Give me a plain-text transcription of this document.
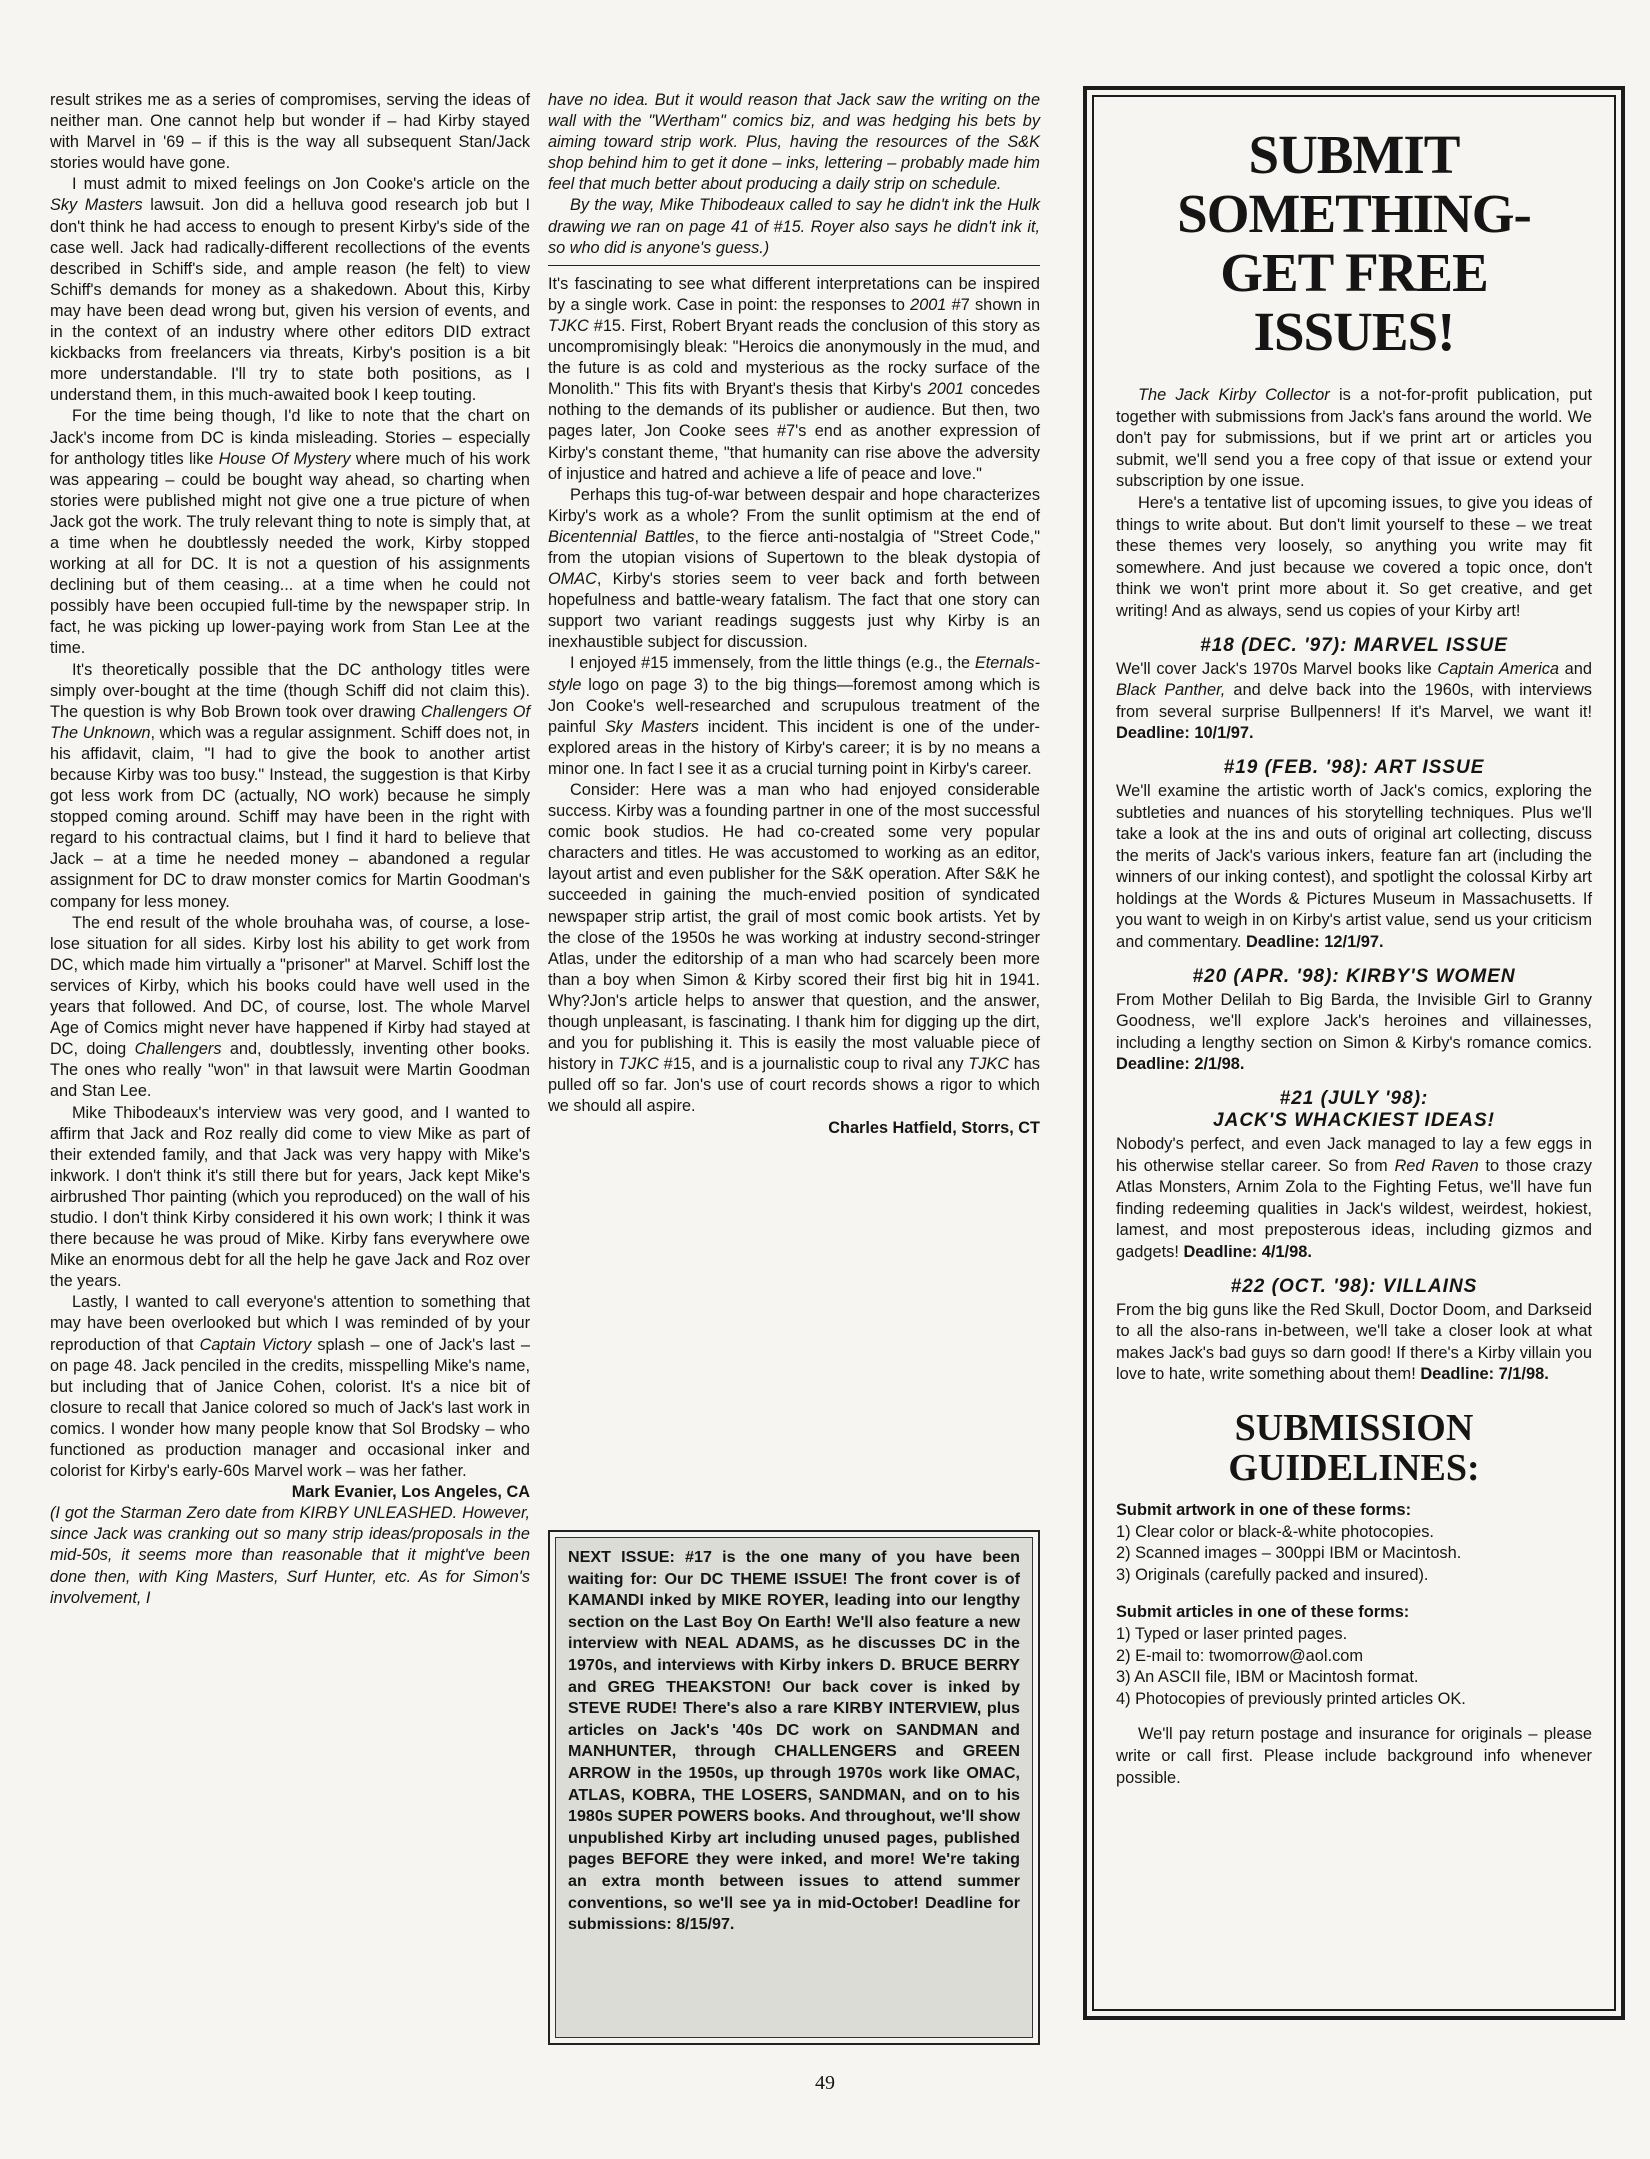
result strikes me as a series of compromises, serving the ideas of neither man. One cannot help but wonder if – had Kirby stayed with Marvel in '69 – if this is the way all subsequent Stan/Jack stories would have gone.

I must admit to mixed feelings on Jon Cooke's article on the Sky Masters lawsuit. Jon did a helluva good research job but I don't think he had access to enough to present Kirby's side of the case well. Jack had radically-different recollections of the events described in Schiff's side, and ample reason (he felt) to view Schiff's demands for money as a shakedown. About this, Kirby may have been dead wrong but, given his version of events, and in the context of an industry where other editors DID extract kickbacks from freelancers via threats, Kirby's position is a bit more understandable. I'll try to state both positions, as I understand them, in this much-awaited book I keep touting.

For the time being though, I'd like to note that the chart on Jack's income from DC is kinda misleading. Stories – especially for anthology titles like House Of Mystery where much of his work was appearing – could be bought way ahead, so charting when stories were published might not give one a true picture of when Jack got the work. The truly relevant thing to note is simply that, at a time when he doubtlessly needed the work, Kirby stopped working at all for DC. It is not a question of his assignments declining but of them ceasing... at a time when he could not possibly have been occupied full-time by the newspaper strip. In fact, he was picking up lower-paying work from Stan Lee at the time.

It's theoretically possible that the DC anthology titles were simply over-bought at the time (though Schiff did not claim this). The question is why Bob Brown took over drawing Challengers Of The Unknown, which was a regular assignment. Schiff does not, in his affidavit, claim, "I had to give the book to another artist because Kirby was too busy." Instead, the suggestion is that Kirby got less work from DC (actually, NO work) because he simply stopped coming around. Schiff may have been in the right with regard to his contractual claims, but I find it hard to believe that Jack – at a time he needed money – abandoned a regular assignment for DC to draw monster comics for Martin Goodman's company for less money.

The end result of the whole brouhaha was, of course, a lose-lose situation for all sides. Kirby lost his ability to get work from DC, which made him virtually a "prisoner" at Marvel. Schiff lost the services of Kirby, which his books could have well used in the years that followed. And DC, of course, lost. The whole Marvel Age of Comics might never have happened if Kirby had stayed at DC, doing Challengers and, doubtlessly, inventing other books. The ones who really "won" in that lawsuit were Martin Goodman and Stan Lee.

Mike Thibodeaux's interview was very good, and I wanted to affirm that Jack and Roz really did come to view Mike as part of their extended family, and that Jack was very happy with Mike's inkwork. I don't think it's still there but for years, Jack kept Mike's airbrushed Thor painting (which you reproduced) on the wall of his studio. I don't think Kirby considered it his own work; I think it was there because he was proud of Mike. Kirby fans everywhere owe Mike an enormous debt for all the help he gave Jack and Roz over the years.

Lastly, I wanted to call everyone's attention to something that may have been overlooked but which I was reminded of by your reproduction of that Captain Victory splash – one of Jack's last – on page 48. Jack penciled in the credits, misspelling Mike's name, but including that of Janice Cohen, colorist. It's a nice bit of closure to recall that Janice colored so much of Jack's last work in comics. I wonder how many people know that Sol Brodsky – who functioned as production manager and occasional inker and colorist for Kirby's early-60s Marvel work – was her father.

Mark Evanier, Los Angeles, CA

(I got the Starman Zero date from KIRBY UNLEASHED. However, since Jack was cranking out so many strip ideas/proposals in the mid-50s, it seems more than reasonable that it might've been done then, with King Masters, Surf Hunter, etc. As for Simon's involvement, I

have no idea. But it would reason that Jack saw the writing on the wall with the "Wertham" comics biz, and was hedging his bets by aiming toward strip work. Plus, having the resources of the S&K shop behind him to get it done – inks, lettering – probably made him feel that much better about producing a daily strip on schedule.

By the way, Mike Thibodeaux called to say he didn't ink the Hulk drawing we ran on page 41 of #15. Royer also says he didn't ink it, so who did is anyone's guess.)

It's fascinating to see what different interpretations can be inspired by a single work. Case in point: the responses to 2001 #7 shown in TJKC #15. First, Robert Bryant reads the conclusion of this story as uncompromisingly bleak: "Heroics die anonymously in the mud, and the future is as cold and mysterious as the rocky surface of the Monolith." This fits with Bryant's thesis that Kirby's 2001 concedes nothing to the demands of its publisher or audience. But then, two pages later, Jon Cooke sees #7's end as another expression of Kirby's constant theme, "that humanity can rise above the adversity of injustice and hatred and achieve a life of peace and love."

Perhaps this tug-of-war between despair and hope characterizes Kirby's work as a whole? From the sunlit optimism at the end of Bicentennial Battles, to the fierce anti-nostalgia of "Street Code," from the utopian visions of Supertown to the bleak dystopia of OMAC, Kirby's stories seem to veer back and forth between hopefulness and battle-weary fatalism. The fact that one story can support two variant readings suggests just why Kirby is an inexhaustible subject for discussion.

I enjoyed #15 immensely, from the little things (e.g., the Eternals-style logo on page 3) to the big things—foremost among which is Jon Cooke's well-researched and scrupulous treatment of the painful Sky Masters incident. This incident is one of the under-explored areas in the history of Kirby's career; it is by no means a minor one. In fact I see it as a crucial turning point in Kirby's career.

Consider: Here was a man who had enjoyed considerable success. Kirby was a founding partner in one of the most successful comic book studios. He had co-created some very popular characters and titles. He was accustomed to working as an editor, layout artist and even publisher for the S&K operation. After S&K he succeeded in gaining the much-envied position of syndicated newspaper strip artist, the grail of most comic book artists. Yet by the close of the 1950s he was working at industry second-stringer Atlas, under the editorship of a man who had scarcely been more than a boy when Simon & Kirby scored their first big hit in 1941. Why?Jon's article helps to answer that question, and the answer, though unpleasant, is fascinating. I thank him for digging up the dirt, and you for publishing it. This is easily the most valuable piece of history in TJKC #15, and is a journalistic coup to rival any TJKC has pulled off so far. Jon's use of court records shows a rigor to which we should all aspire.

Charles Hatfield, Storrs, CT

NEXT ISSUE: #17 is the one many of you have been waiting for: Our DC THEME ISSUE! The front cover is of KAMANDI inked by MIKE ROYER, leading into our lengthy section on the Last Boy On Earth! We'll also feature a new interview with NEAL ADAMS, as he discusses DC in the 1970s, and interviews with Kirby inkers D. BRUCE BERRY and GREG THEAKSTON! Our back cover is inked by STEVE RUDE! There's also a rare KIRBY INTERVIEW, plus articles on Jack's '40s DC work on SANDMAN and MANHUNTER, through CHALLENGERS and GREEN ARROW in the 1950s, up through 1970s work like OMAC, ATLAS, KOBRA, THE LOSERS, SANDMAN, and on to his 1980s SUPER POWERS books. And throughout, we'll show unpublished Kirby art including unused pages, published pages BEFORE they were inked, and more! We're taking an extra month between issues to attend summer conventions, so we'll see ya in mid-October! Deadline for submissions: 8/15/97.
SUBMIT SOMETHING-
GET FREE ISSUES!

The Jack Kirby Collector is a not-for-profit publication, put together with submissions from Jack's fans around the world. We don't pay for submissions, but if we print art or articles you submit, we'll send you a free copy of that issue or extend your subscription by one issue.

Here's a tentative list of upcoming issues, to give you ideas of things to write about. But don't limit yourself to these – we treat these themes very loosely, so anything you write may fit somewhere. And just because we covered a topic once, don't think we won't print more about it. So get creative, and get writing! And as always, send us copies of your Kirby art!

#18 (DEC. '97): MARVEL ISSUE

We'll cover Jack's 1970s Marvel books like Captain America and Black Panther, and delve back into the 1960s, with interviews from several surprise Bullpenners! If it's Marvel, we want it! Deadline: 10/1/97.

#19 (FEB. '98): ART ISSUE

We'll examine the artistic worth of Jack's comics, exploring the subtleties and nuances of his storytelling techniques. Plus we'll take a look at the ins and outs of original art collecting, discuss the merits of Jack's various inkers, feature fan art (including the winners of our inking contest), and spotlight the colossal Kirby art holdings at the Words & Pictures Museum in Massachusetts. If you want to weigh in on Kirby's artist value, send us your criticism and commentary. Deadline: 12/1/97.

#20 (APR. '98): KIRBY'S WOMEN

From Mother Delilah to Big Barda, the Invisible Girl to Granny Goodness, we'll explore Jack's heroines and villainesses, including a lengthy section on Simon & Kirby's romance comics. Deadline: 2/1/98.

#21 (JULY '98):
JACK'S WHACKIEST IDEAS!

Nobody's perfect, and even Jack managed to lay a few eggs in his otherwise stellar career. So from Red Raven to those crazy Atlas Monsters, Arnim Zola to the Fighting Fetus, we'll have fun finding redeeming qualities in Jack's wildest, weirdest, hokiest, lamest, and most preposterous ideas, including gizmos and gadgets! Deadline: 4/1/98.

#22 (OCT. '98): VILLAINS

From the big guns like the Red Skull, Doctor Doom, and Darkseid to all the also-rans in-between, we'll take a closer look at what makes Jack's bad guys so darn good! If there's a Kirby villain you love to hate, write something about them! Deadline: 7/1/98.

SUBMISSION GUIDELINES:

Submit artwork in one of these forms:

1) Clear color or black-&-white photocopies.

2) Scanned images – 300ppi IBM or Macintosh.

3) Originals (carefully packed and insured).

Submit articles in one of these forms:

1) Typed or laser printed pages.

2) E-mail to: twomorrow@aol.com

3) An ASCII file, IBM or Macintosh format.

4) Photocopies of previously printed articles OK.

We'll pay return postage and insurance for originals – please write or call first. Please include background info whenever possible.

49
